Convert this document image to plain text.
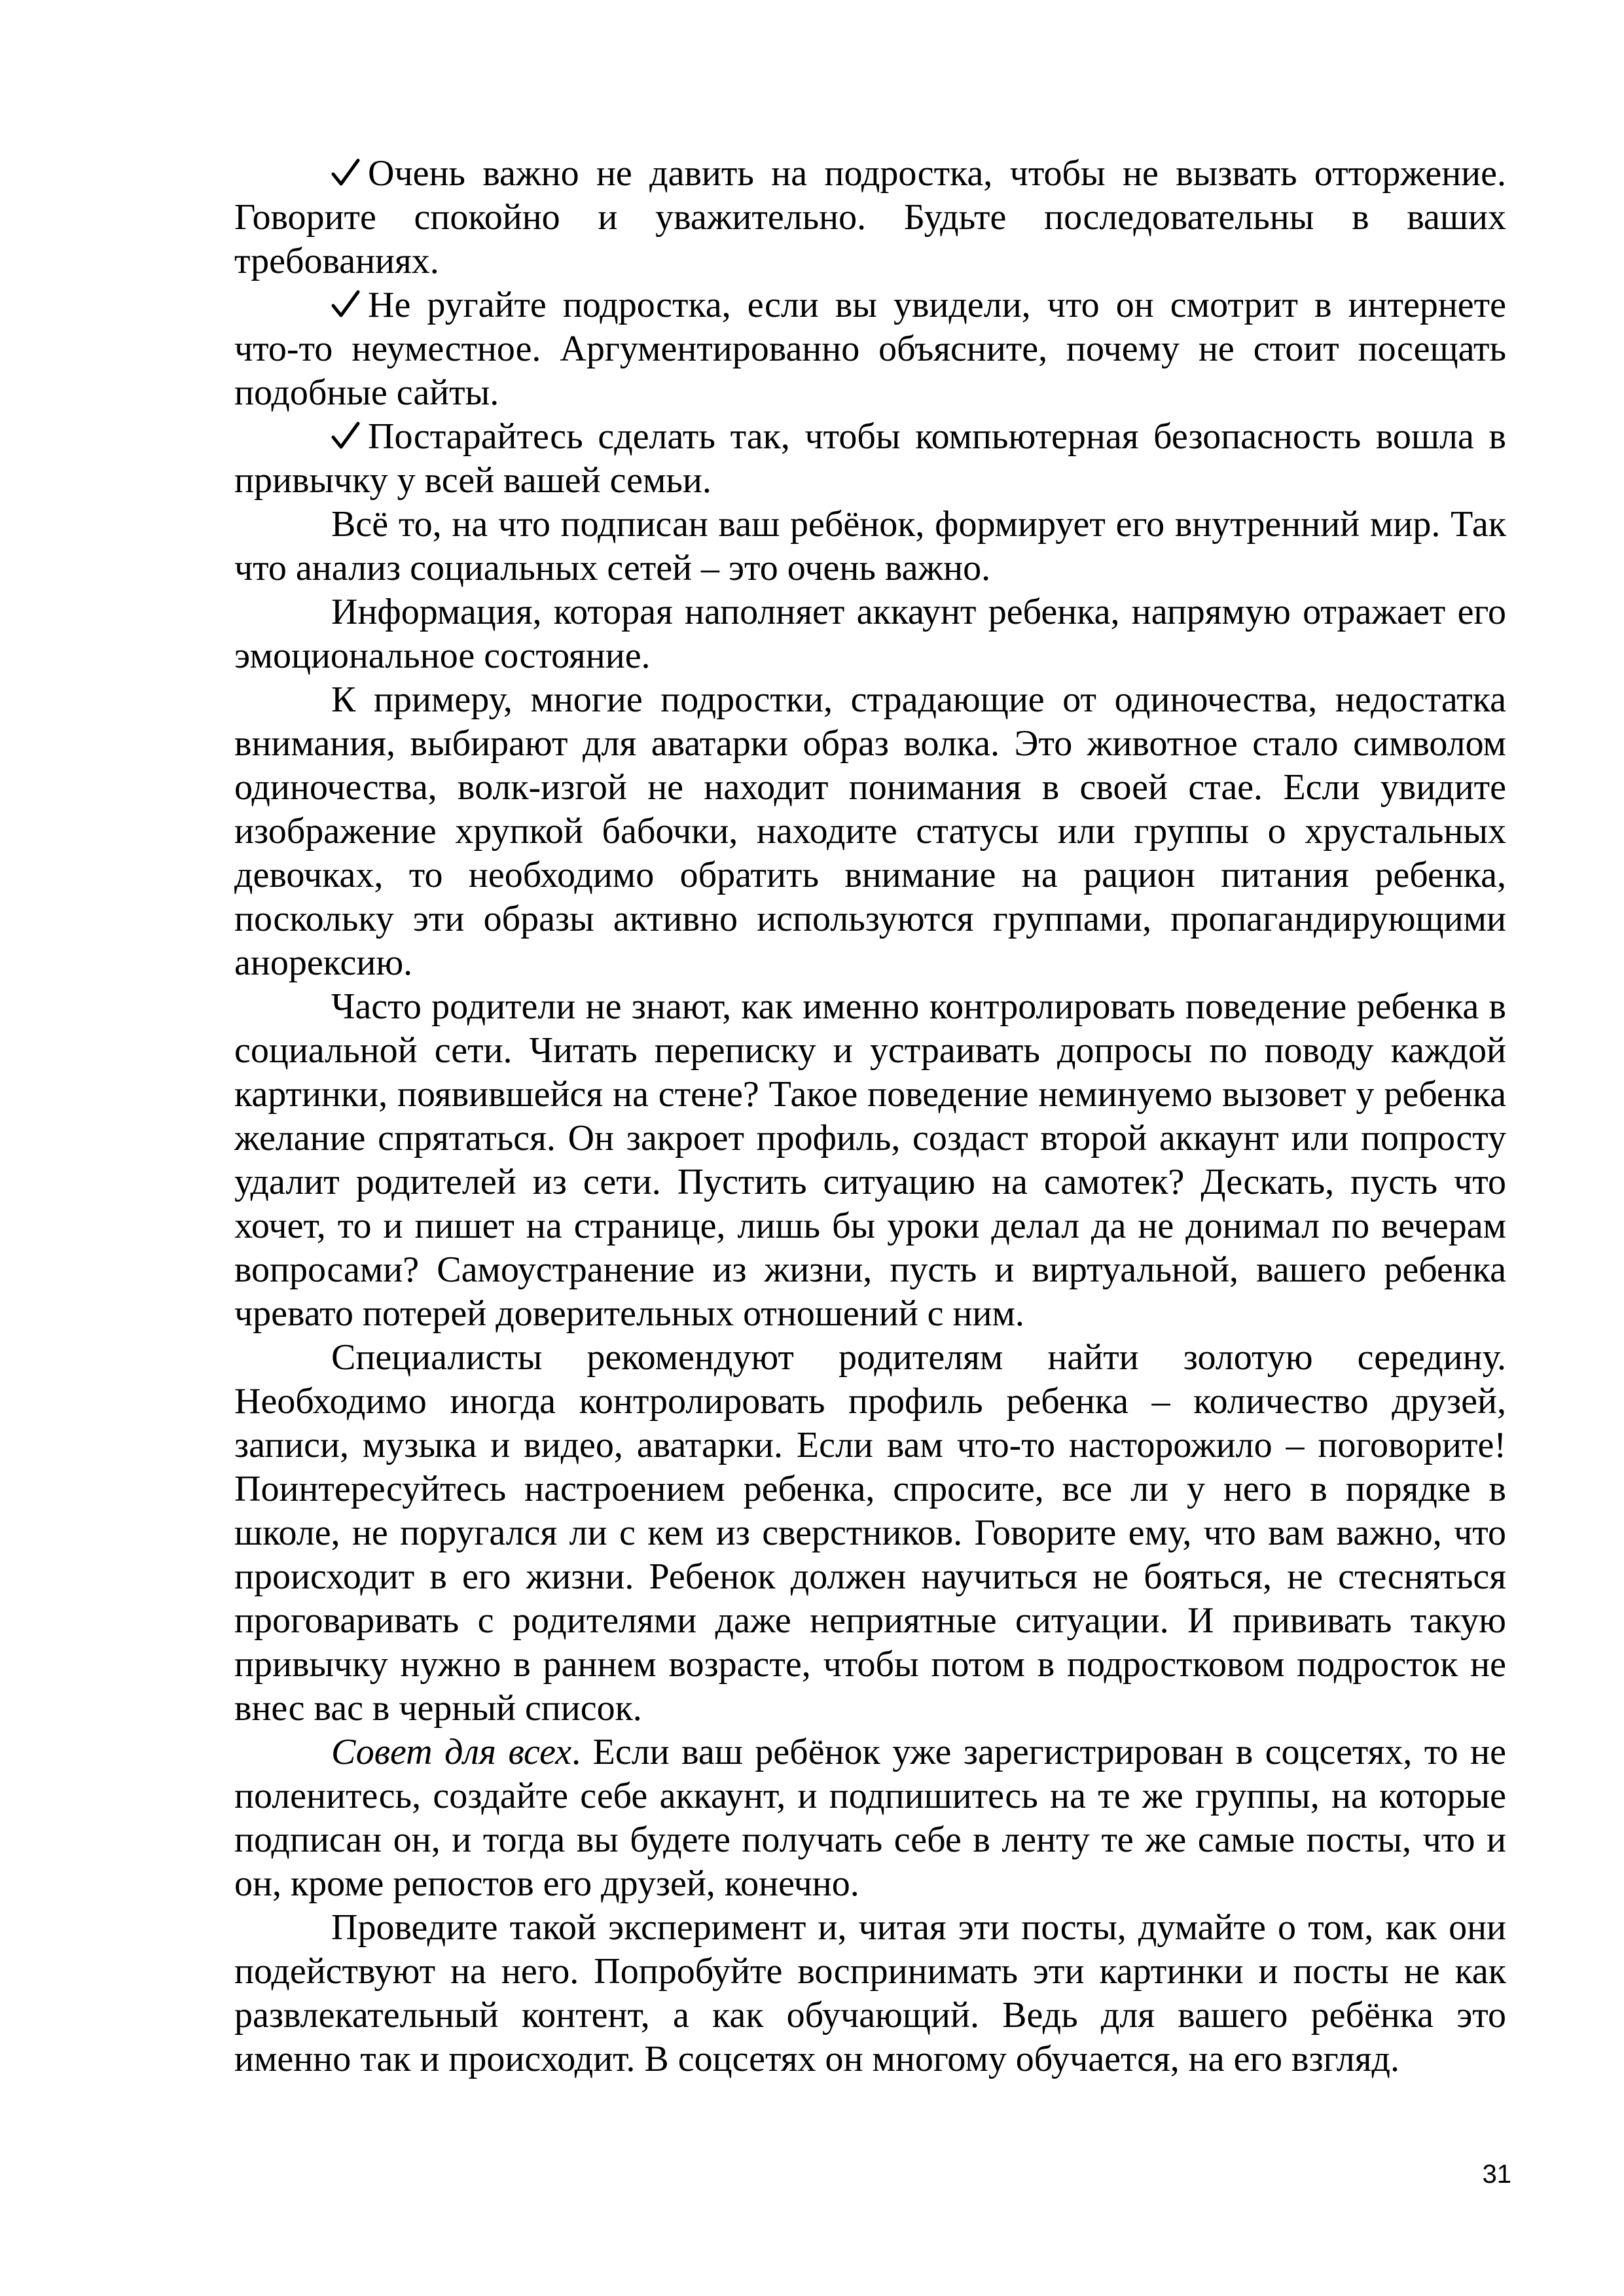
Очень важно не давить на подростка, чтобы не вызвать отторжение. Говорите спокойно и уважительно. Будьте последовательны в ваших требованиях.

Не ругайте подростка, если вы увидели, что он смотрит в интернете что-то неуместное. Аргументированно объясните, почему не стоит посещать подобные сайты.

Постарайтесь сделать так, чтобы компьютерная безопасность вошла в привычку у всей вашей семьи.

Всё то, на что подписан ваш ребёнок, формирует его внутренний мир. Так что анализ социальных сетей – это очень важно.

Информация, которая наполняет аккаунт ребенка, напрямую отражает его эмоциональное состояние.

К примеру, многие подростки, страдающие от одиночества, недостатка внимания, выбирают для аватарки образ волка. Это животное стало символом одиночества, волк-изгой не находит понимания в своей стае. Если увидите изображение хрупкой бабочки, находите статусы или группы о хрустальных девочках, то необходимо обратить внимание на рацион питания ребенка, поскольку эти образы активно используются группами, пропагандирующими анорексию.

Часто родители не знают, как именно контролировать поведение ребенка в социальной сети. Читать переписку и устраивать допросы по поводу каждой картинки, появившейся на стене? Такое поведение неминуемо вызовет у ребенка желание спрятаться. Он закроет профиль, создаст второй аккаунт или попросту удалит родителей из сети. Пустить ситуацию на самотек? Дескать, пусть что хочет, то и пишет на странице, лишь бы уроки делал да не донимал по вечерам вопросами? Самоустранение из жизни, пусть и виртуальной, вашего ребенка чревато потерей доверительных отношений с ним.

Специалисты рекомендуют родителям найти золотую середину. Необходимо иногда контролировать профиль ребенка – количество друзей, записи, музыка и видео, аватарки. Если вам что-то насторожило – поговорите! Поинтересуйтесь настроением ребенка, спросите, все ли у него в порядке в школе, не поругался ли с кем из сверстников. Говорите ему, что вам важно, что происходит в его жизни. Ребенок должен научиться не бояться, не стесняться проговаривать с родителями даже неприятные ситуации. И прививать такую привычку нужно в раннем возрасте, чтобы потом в подростковом подросток не внес вас в черный список.

Совет для всех. Если ваш ребёнок уже зарегистрирован в соцсетях, то не поленитесь, создайте себе аккаунт, и подпишитесь на те же группы, на которые подписан он, и тогда вы будете получать себе в ленту те же самые посты, что и он, кроме репостов его друзей, конечно.

Проведите такой эксперимент и, читая эти посты, думайте о том, как они подействуют на него. Попробуйте воспринимать эти картинки и посты не как развлекательный контент, а как обучающий. Ведь для вашего ребёнка это именно так и происходит. В соцсетях он многому обучается, на его взгляд.

31
